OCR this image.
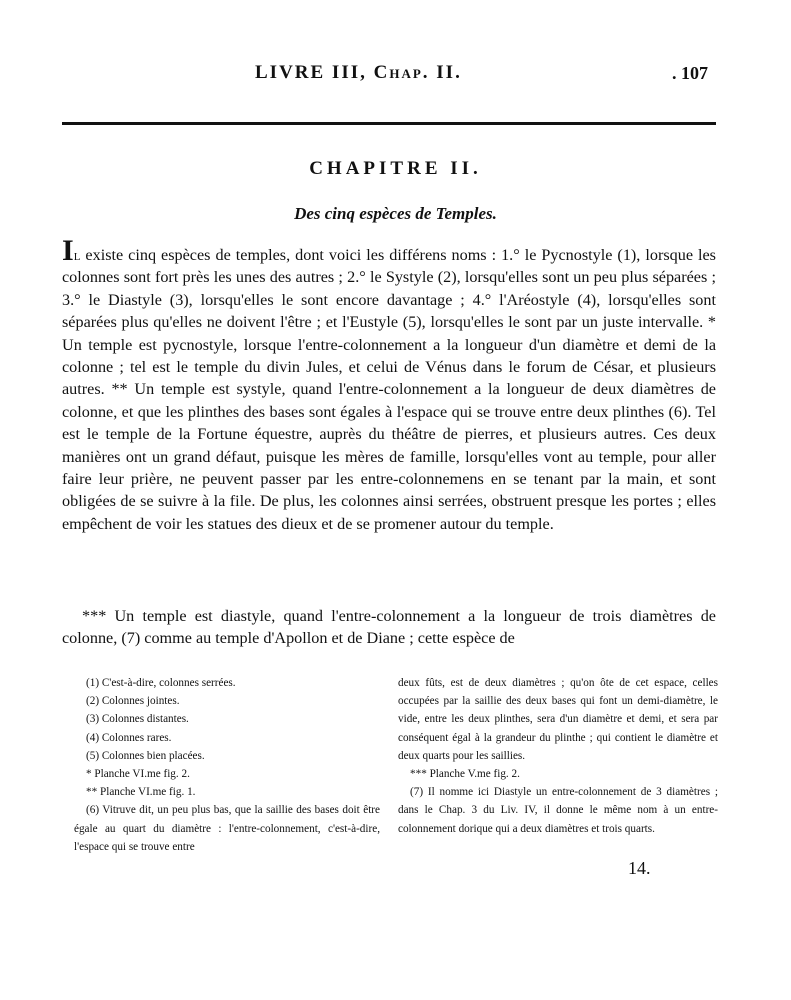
LIVRE III, Chap. II.	. 107
CHAPITRE II.
Des cinq espèces de Temples.

Il existe cinq espèces de temples, dont voici les différens noms : 1.° le Pycnostyle (1), lorsque les colonnes sont fort près les unes des autres ; 2.° le Systyle (2), lorsqu'elles sont un peu plus séparées ; 3.° le Diastyle (3), lorsqu'elles le sont encore davantage ; 4.° l'Aréostyle (4), lorsqu'elles sont séparées plus qu'elles ne doivent l'être ; et l'Eustyle (5), lorsqu'elles le sont par un juste intervalle. * Un temple est pycnostyle, lorsque l'entre-colonnement a la longueur d'un diamètre et demi de la colonne ; tel est le temple du divin Jules, et celui de Vénus dans le forum de César, et plusieurs autres. ** Un temple est systyle, quand l'entre-colonnement a la longueur de deux diamètres de colonne, et que les plinthes des bases sont égales à l'espace qui se trouve entre deux plinthes (6). Tel est le temple de la Fortune équestre, auprès du théâtre de pierres, et plusieurs autres. Ces deux manières ont un grand défaut, puisque les mères de famille, lorsqu'elles vont au temple, pour aller faire leur prière, ne peuvent passer par les entre-colonnemens en se tenant par la main, et sont obligées de se suivre à la file. De plus, les colonnes ainsi serrées, obstruent presque les portes ; elles empêchent de voir les statues des dieux et de se promener autour du temple.

*** Un temple est diastyle, quand l'entre-colonnement a la longueur de trois diamètres de colonne, (7) comme au temple d'Apollon et de Diane ; cette espèce de

(1) C'est-à-dire, colonnes serrées.

(2) Colonnes jointes.

(3) Colonnes distantes.

(4) Colonnes rares.

(5) Colonnes bien placées.

* Planche VI.me fig. 2.

** Planche VI.me fig. 1.

(6) Vitruve dit, un peu plus bas, que la saillie des bases doit être égale au quart du diamètre : l'entre-colonnement, c'est-à-dire, l'espace qui se trouve entre

deux fûts, est de deux diamètres ; qu'on ôte de cet espace, celles occupées par la saillie des deux bases qui font un demi-diamètre, le vide, entre les deux plinthes, sera d'un diamètre et demi, et sera par conséquent égal à la grandeur du plinthe ; qui contient le diamètre et deux quarts pour les saillies.

*** Planche V.me fig. 2.

(7) Il nomme ici Diastyle un entre-colonnement de 3 diamètres ; dans le Chap. 3 du Liv. IV, il donne le même nom à un entre-colonnement dorique qui a deux diamètres et trois quarts.

14.
